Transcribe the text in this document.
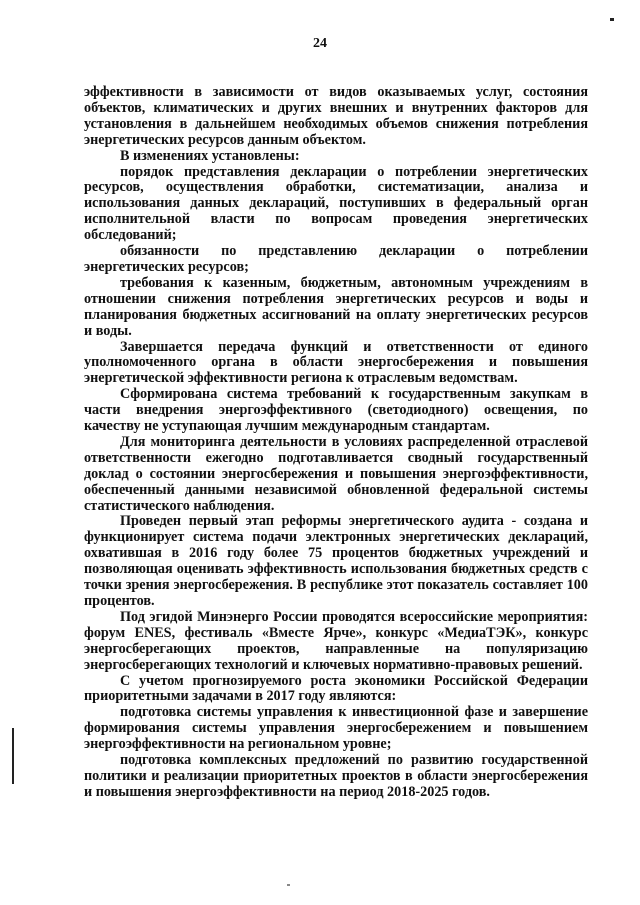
24

эффективности в зависимости от видов оказываемых услуг, состояния объектов, климатических и других внешних и внутренних факторов для установления в дальнейшем необходимых объемов снижения потребления энергетических ресурсов данным объектом.

В изменениях установлены:

порядок представления декларации о потреблении энергетических ресурсов, осуществления обработки, систематизации, анализа и использования данных деклараций, поступивших в федеральный орган исполнительной власти по вопросам проведения энергетических обследований;

обязанности по представлению декларации о потреблении энергетических ресурсов;

требования к казенным, бюджетным, автономным учреждениям в отношении снижения потребления энергетических ресурсов и воды и планирования бюджетных ассигнований на оплату энергетических ресурсов и воды.

Завершается передача функций и ответственности от единого уполномоченного органа в области энергосбережения и повышения энергетической эффективности региона к отраслевым ведомствам.

Сформирована система требований к государственным закупкам в части внедрения энергоэффективного (светодиодного) освещения, по качеству не уступающая лучшим международным стандартам.

Для мониторинга деятельности в условиях распределенной отраслевой ответственности ежегодно подготавливается сводный государственный доклад о состоянии энергосбережения и повышения энергоэффективности, обеспеченный данными независимой обновленной федеральной системы статистического наблюдения.

Проведен первый этап реформы энергетического аудита - создана и функционирует система подачи электронных энергетических деклараций, охватившая в 2016 году более 75 процентов бюджетных учреждений и позволяющая оценивать эффективность использования бюджетных средств с точки зрения энергосбережения. В республике этот показатель составляет 100 процентов.

Под эгидой Минэнерго России проводятся всероссийские мероприятия: форум ENES, фестиваль «Вместе Ярче», конкурс «МедиаТЭК», конкурс энергосберегающих проектов, направленные на популяризацию энергосберегающих технологий и ключевых нормативно-правовых решений.

С учетом прогнозируемого роста экономики Российской Федерации приоритетными задачами в 2017 году являются:

подготовка системы управления к инвестиционной фазе и завершение формирования системы управления энергосбережением и повышением энергоэффективности на региональном уровне;

подготовка комплексных предложений по развитию государственной политики и реализации приоритетных проектов в области энергосбережения и повышения энергоэффективности на период 2018-2025 годов.
